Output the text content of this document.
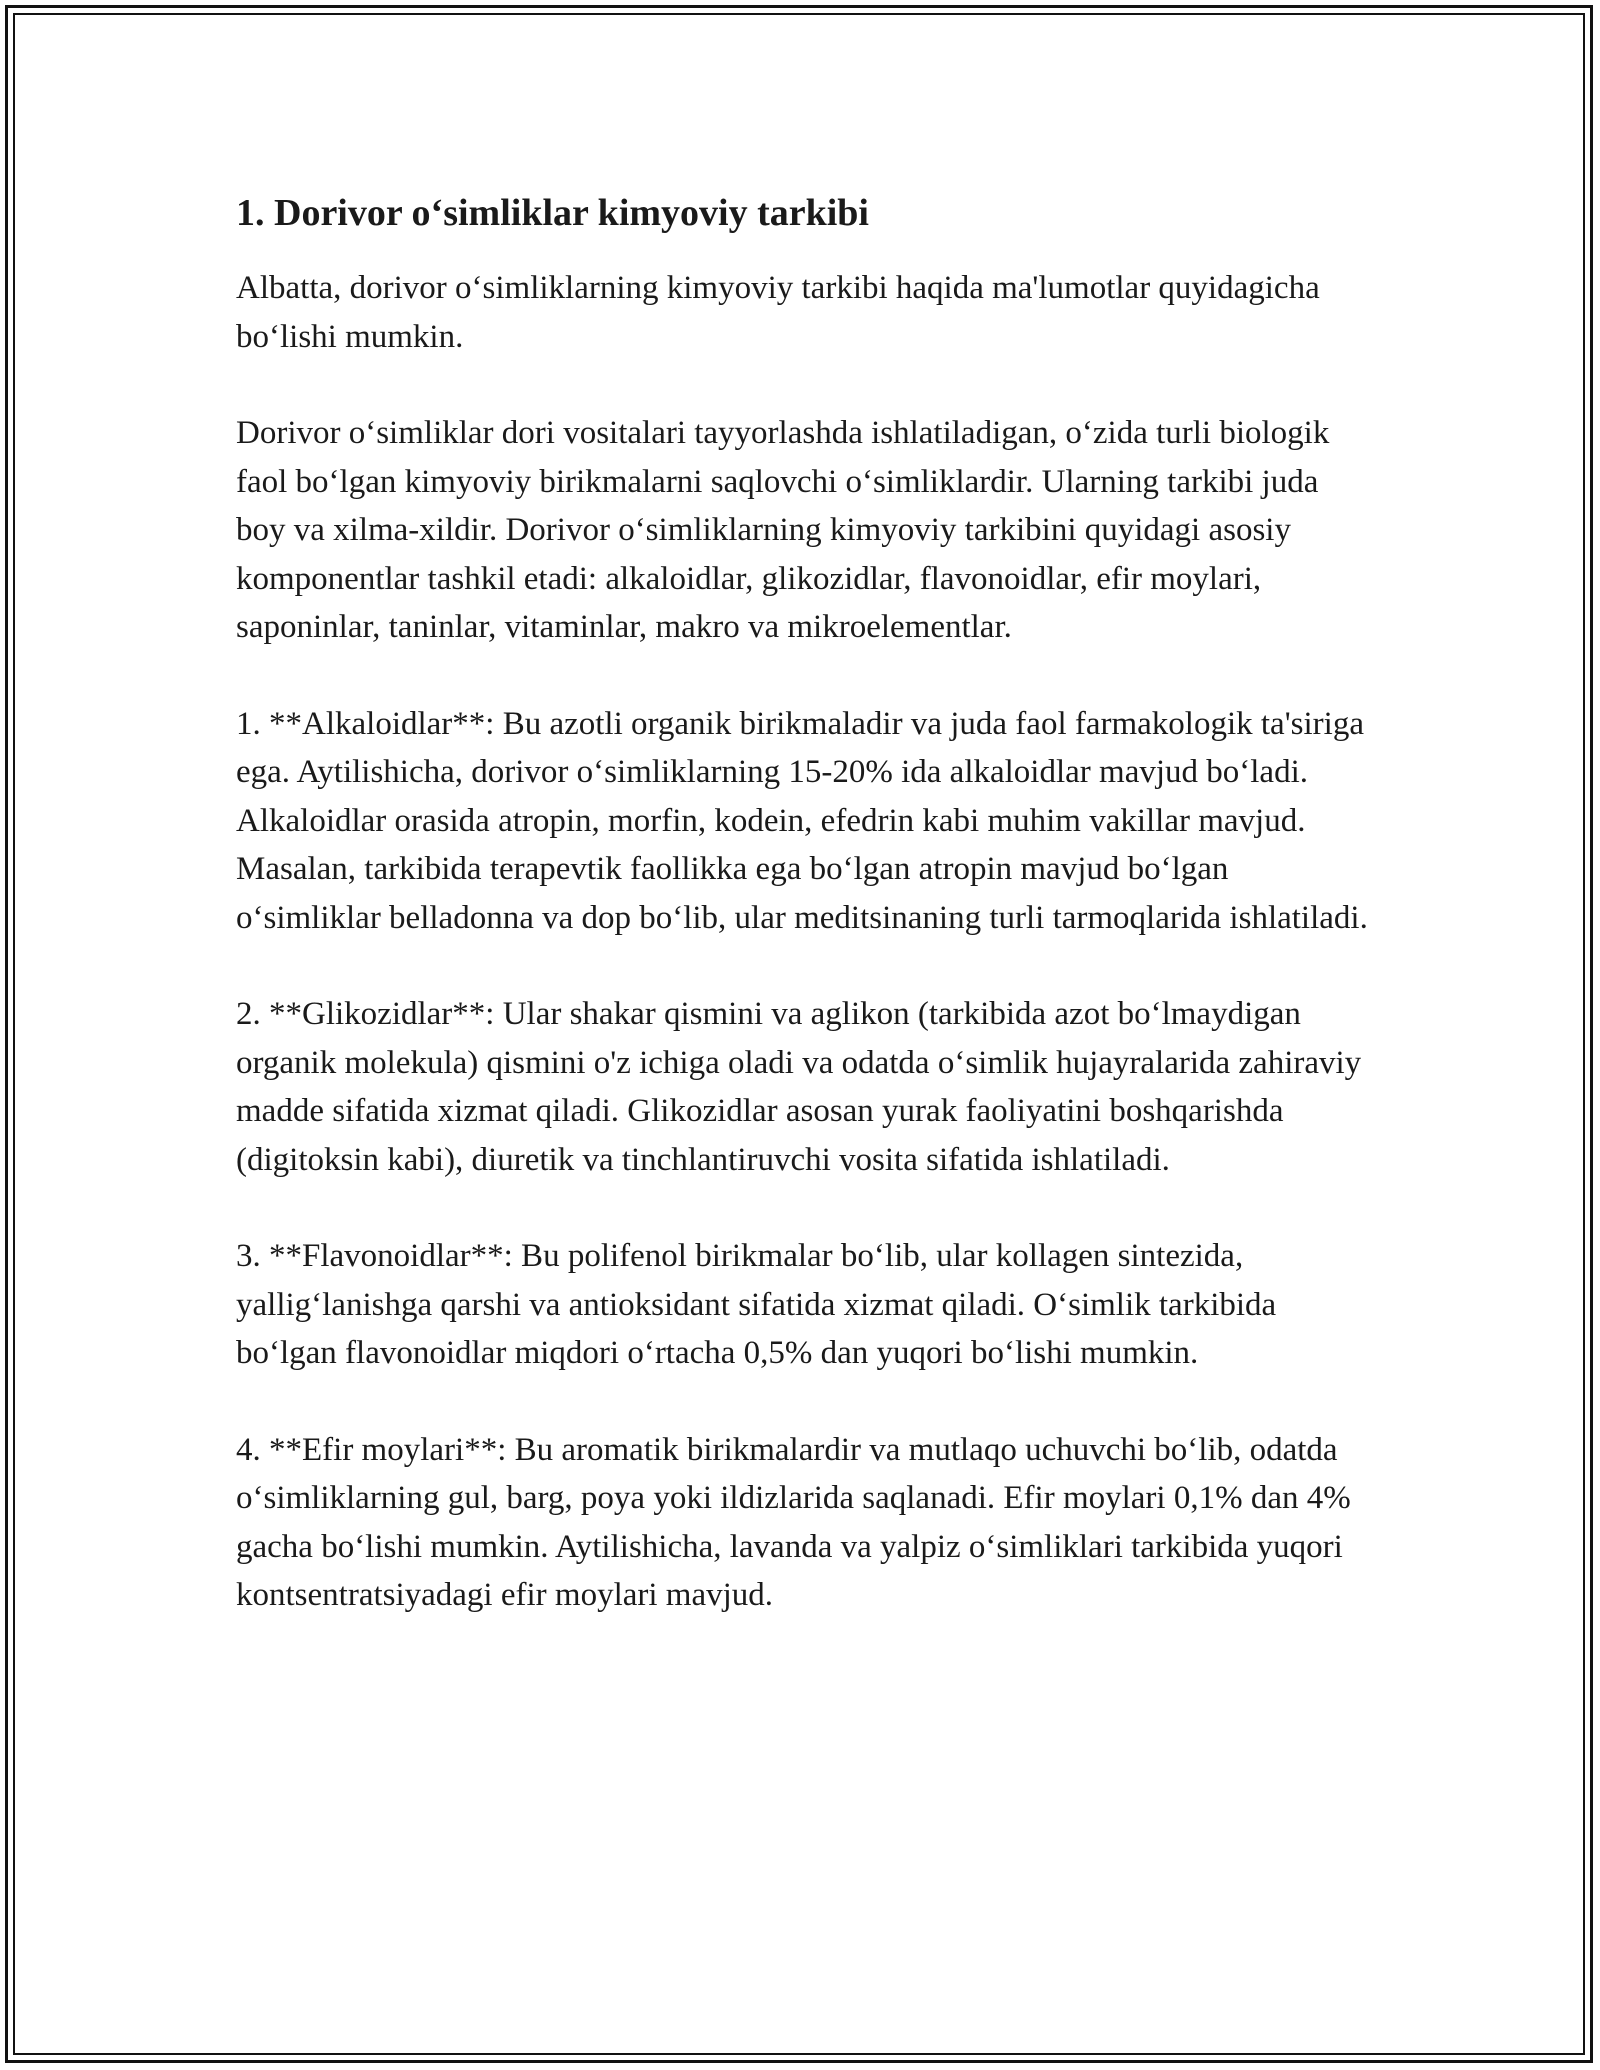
1. Dorivor o‘simliklar kimyoviy tarkibi

Albatta, dorivor o‘simliklarning kimyoviy tarkibi haqida ma'lumotlar quyidagicha bo‘lishi mumkin.

Dorivor o‘simliklar dori vositalari tayyorlashda ishlatiladigan, o‘zida turli biologik faol bo‘lgan kimyoviy birikmalarni saqlovchi o‘simliklardir. Ularning tarkibi juda boy va xilma-xildir. Dorivor o‘simliklarning kimyoviy tarkibini quyidagi asosiy komponentlar tashkil etadi: alkaloidlar, glikozidlar, flavonoidlar, efir moylari, saponinlar, taninlar, vitaminlar, makro va mikroelementlar.

1. **Alkaloidlar**: Bu azotli organik birikmaladir va juda faol farmakologik ta'siriga ega. Aytilishicha, dorivor o‘simliklarning 15-20% ida alkaloidlar mavjud bo‘ladi. Alkaloidlar orasida atropin, morfin, kodein, efedrin kabi muhim vakillar mavjud. Masalan, tarkibida terapevtik faollikka ega bo‘lgan atropin mavjud bo‘lgan o‘simliklar belladonna va dop bo‘lib, ular meditsinaning turli tarmoqlarida ishlatiladi.

2. **Glikozidlar**: Ular shakar qismini va aglikon (tarkibida azot bo‘lmaydigan organik molekula) qismini o'z ichiga oladi va odatda o‘simlik hujayralarida zahiraviy madde sifatida xizmat qiladi. Glikozidlar asosan yurak faoliyatini boshqarishda (digitoksin kabi), diuretik va tinchlantiruvchi vosita sifatida ishlatiladi.

3. **Flavonoidlar**: Bu polifenol birikmalar bo‘lib, ular kollagen sintezida, yallig‘lanishga qarshi va antioksidant sifatida xizmat qiladi. O‘simlik tarkibida bo‘lgan flavonoidlar miqdori o‘rtacha 0,5% dan yuqori bo‘lishi mumkin.

4. **Efir moylari**: Bu aromatik birikmalardir va mutlaqo uchuvchi bo‘lib, odatda o‘simliklarning gul, barg, poya yoki ildizlarida saqlanadi. Efir moylari 0,1% dan 4% gacha bo‘lishi mumkin. Aytilishicha, lavanda va yalpiz o‘simliklari tarkibida yuqori kontsentratsiyadagi efir moylari mavjud.
